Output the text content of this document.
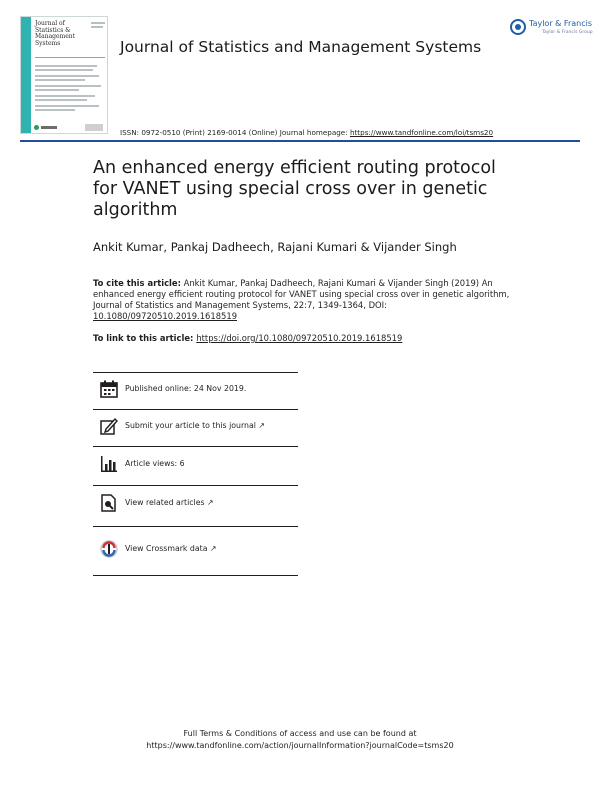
Journal of
Statistics &
Management Systems	Journal of Statistics and Management Systems
Taylor & Francis
Taylor & Francis Group
ISSN: 0972-0510 (Print) 2169-0014 (Online) Journal homepage: https://www.tandfonline.com/loi/tsms20
An enhanced energy efficient routing protocol for VANET using special cross over in genetic algorithm
Ankit Kumar, Pankaj Dadheech, Rajani Kumari & Vijander Singh
To cite this article: Ankit Kumar, Pankaj Dadheech, Rajani Kumari & Vijander Singh (2019) An enhanced energy efficient routing protocol for VANET using special cross over in genetic algorithm, Journal of Statistics and Management Systems, 22:7, 1349-1364, DOI: 10.1080/09720510.2019.1618519
To link to this article: https://doi.org/10.1080/09720510.2019.1618519
Published online: 24 Nov 2019.
Submit your article to this journal ↗
Article views: 6
View related articles ↗
View Crossmark data ↗
Full Terms & Conditions of access and use can be found at
https://www.tandfonline.com/action/journalInformation?journalCode=tsms20
